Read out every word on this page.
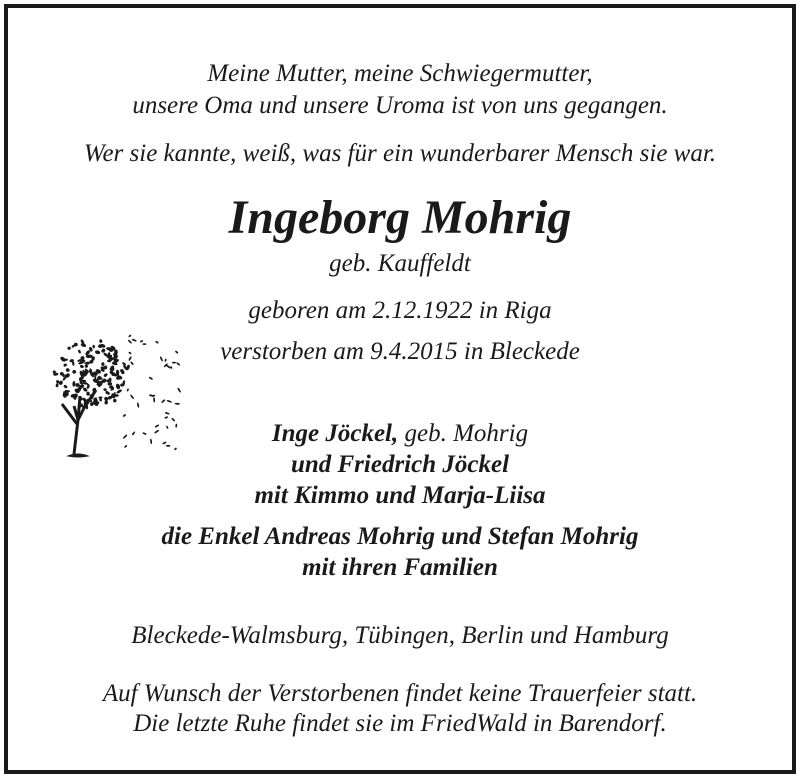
Meine Mutter, meine Schwiegermutter,
unsere Oma und unsere Uroma ist von uns gegangen.
Wer sie kannte, weiß, was für ein wunderbarer Mensch sie war.
Ingeborg Mohrig
geb. Kauffeldt
geboren am 2.12.1922 in Riga
verstorben am 9.4.2015 in Bleckede
Inge Jöckel, geb. Mohrig
und Friedrich Jöckel
mit Kimmo und Marja-Liisa
die Enkel Andreas Mohrig und Stefan Mohrig
mit ihren Familien
Bleckede-Walmsburg, Tübingen, Berlin und Hamburg
Auf Wunsch der Verstorbenen findet keine Trauerfeier statt.
Die letzte Ruhe findet sie im FriedWald in Barendorf.
